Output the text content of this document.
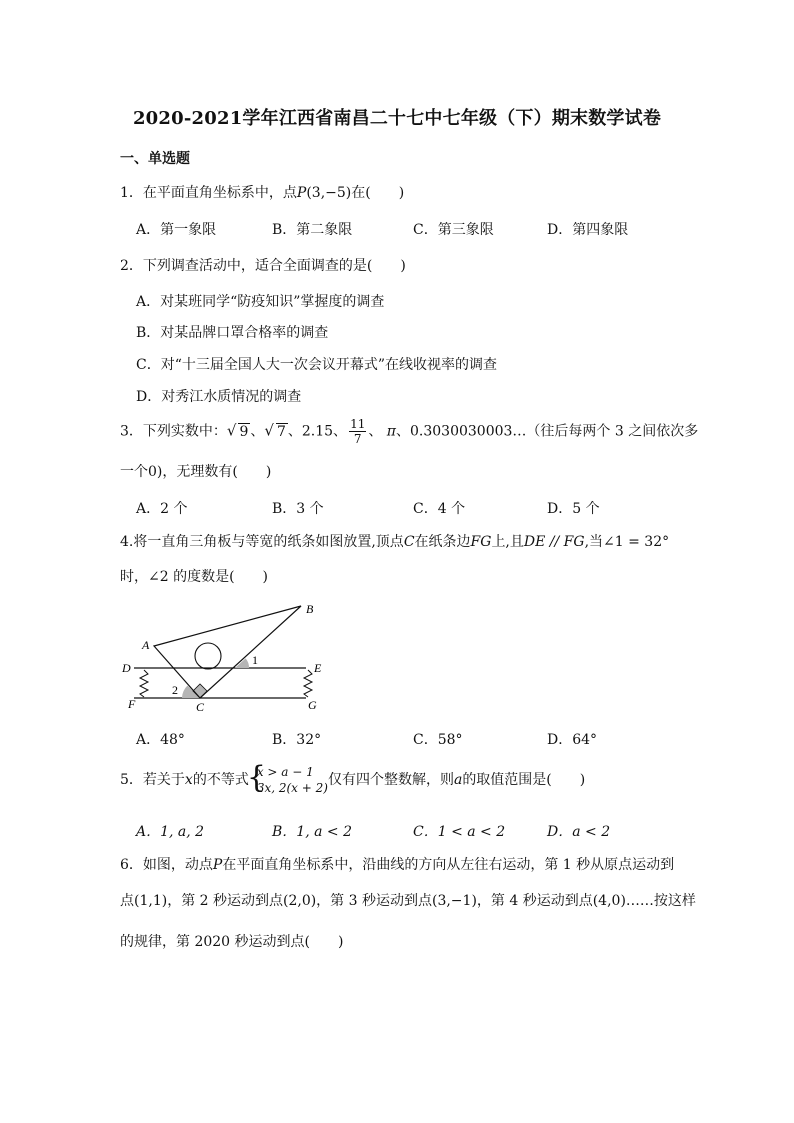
2020-2021学年江西省南昌二十七中七年级（下）期末数学试卷
一、单选题
1．在平面直角坐标系中，点P(3,−5)在(　　)
A．第一象限	B．第二象限	C．第三象限	D．第四象限
2．下列调查活动中，适合全面调查的是(　　)
A．对某班同学“防疫知识”掌握度的调查
B．对某品牌口罩合格率的调查
C．对“十三届全国人大一次会议开幕式”在线收视率的调查
D．对秀江水质情况的调查
3．下列实数中：√ 9 、√ 7 、2.15、 $\frac{11}{7}$ 、 π、0.3030030003…（往后每两个 3 之间依次多
一个0)，无理数有(　　)
A．2 个	B．3 个	C．4 个	D．5 个
4.将一直角三角板与等宽的纸条如图放置,顶点C在纸条边FG上,且DE // FG,当∠1 = 32°
时，∠2 的度数是(　　)
A
B
C
D	E
F	G
1
2
A．48°	B．32°	C．58°	D．64°
5．若关于x的不等式
{ x > a − 1
3x, 2(x + 2) 仅有四个整数解，则a的取值范围是(　　)
A．1, a, 2	B．1, a < 2	C．1 < a < 2	D．a < 2
6．如图，动点P在平面直角坐标系中，沿曲线的方向从左往右运动，第 1 秒从原点运动到
点(1,1)，第 2 秒运动到点(2,0)，第 3 秒运动到点(3,−1)，第 4 秒运动到点(4,0)……按这样
的规律，第 2020 秒运动到点(　　)
